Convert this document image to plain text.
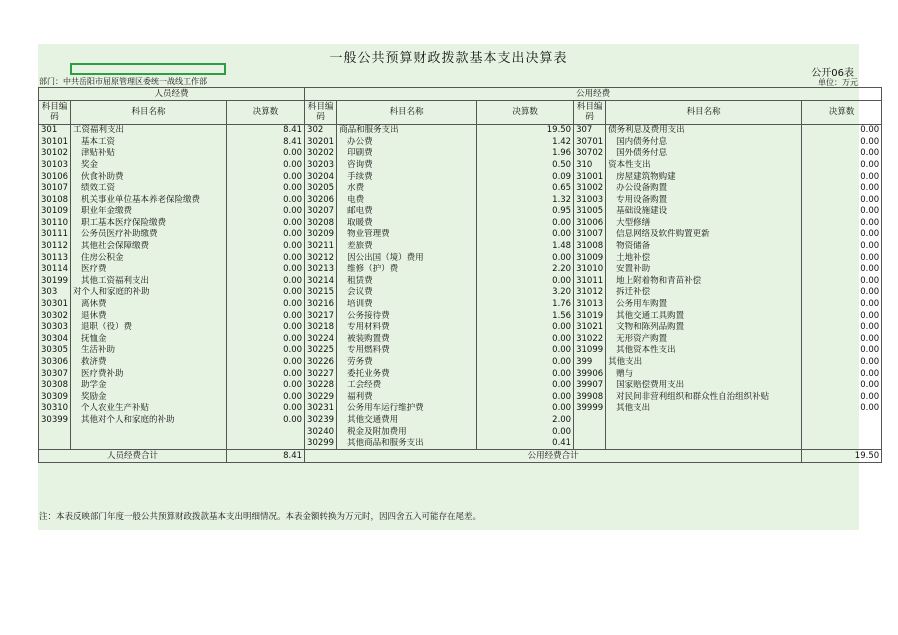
一般公共预算财政拨款基本支出决算表
公开06表
部门：中共岳阳市屈原管理区委统一战线工作部	单位：万元
人员经费			公用经费					
科目编码	科目名称	决算数	科目编码	科目名称	决算数	科目编码	科目名称	决算数
301	工资福利支出	8.41	302	商品和服务支出	19.50	307	债务利息及费用支出	0.00
30101	基本工资	8.41	30201	办公费	1.42	30701	国内债务付息	0.00
30102	津贴补贴	0.00	30202	印刷费	1.96	30702	国外债务付息	0.00
30103	奖金	0.00	30203	咨询费	0.50	310	资本性支出	0.00
30106	伙食补助费	0.00	30204	手续费	0.09	31001	房屋建筑物购建	0.00
30107	绩效工资	0.00	30205	水费	0.65	31002	办公设备购置	0.00
30108	机关事业单位基本养老保险缴费	0.00	30206	电费	1.32	31003	专用设备购置	0.00
30109	职业年金缴费	0.00	30207	邮电费	0.95	31005	基础设施建设	0.00
30110	职工基本医疗保险缴费	0.00	30208	取暖费	0.00	31006	大型修缮	0.00
30111	公务员医疗补助缴费	0.00	30209	物业管理费	0.00	31007	信息网络及软件购置更新	0.00
30112	其他社会保障缴费	0.00	30211	差旅费	1.48	31008	物资储备	0.00
30113	住房公积金	0.00	30212	因公出国（境）费用	0.00	31009	土地补偿	0.00
30114	医疗费	0.00	30213	维修（护）费	2.20	31010	安置补助	0.00
30199	其他工资福利支出	0.00	30214	租赁费	0.00	31011	地上附着物和青苗补偿	0.00
303	对个人和家庭的补助	0.00	30215	会议费	3.20	31012	拆迁补偿	0.00
30301	离休费	0.00	30216	培训费	1.76	31013	公务用车购置	0.00
30302	退休费	0.00	30217	公务接待费	1.56	31019	其他交通工具购置	0.00
30303	退职（役）费	0.00	30218	专用材料费	0.00	31021	文物和陈列品购置	0.00
30304	抚恤金	0.00	30224	被装购置费	0.00	31022	无形资产购置	0.00
30305	生活补助	0.00	30225	专用燃料费	0.00	31099	其他资本性支出	0.00
30306	救济费	0.00	30226	劳务费	0.00	399	其他支出	0.00
30307	医疗费补助	0.00	30227	委托业务费	0.00	39906	赠与	0.00
30308	助学金	0.00	30228	工会经费	0.00	39907	国家赔偿费用支出	0.00
30309	奖励金	0.00	30229	福利费	0.00	39908	对民间非营利组织和群众性自治组织补贴	0.00
30310	个人农业生产补贴	0.00	30231	公务用车运行维护费	0.00	39999	其他支出	0.00
30399	其他对个人和家庭的补助	0.00	30239	其他交通费用	2.00			
			30240	税金及附加费用	0.00			
			30299	其他商品和服务支出	0.41			
人员经费合计		8.41	公用经费合计					19.50
注：本表反映部门年度一般公共预算财政拨款基本支出明细情况。本表金额转换为万元时，因四舍五入可能存在尾差。
